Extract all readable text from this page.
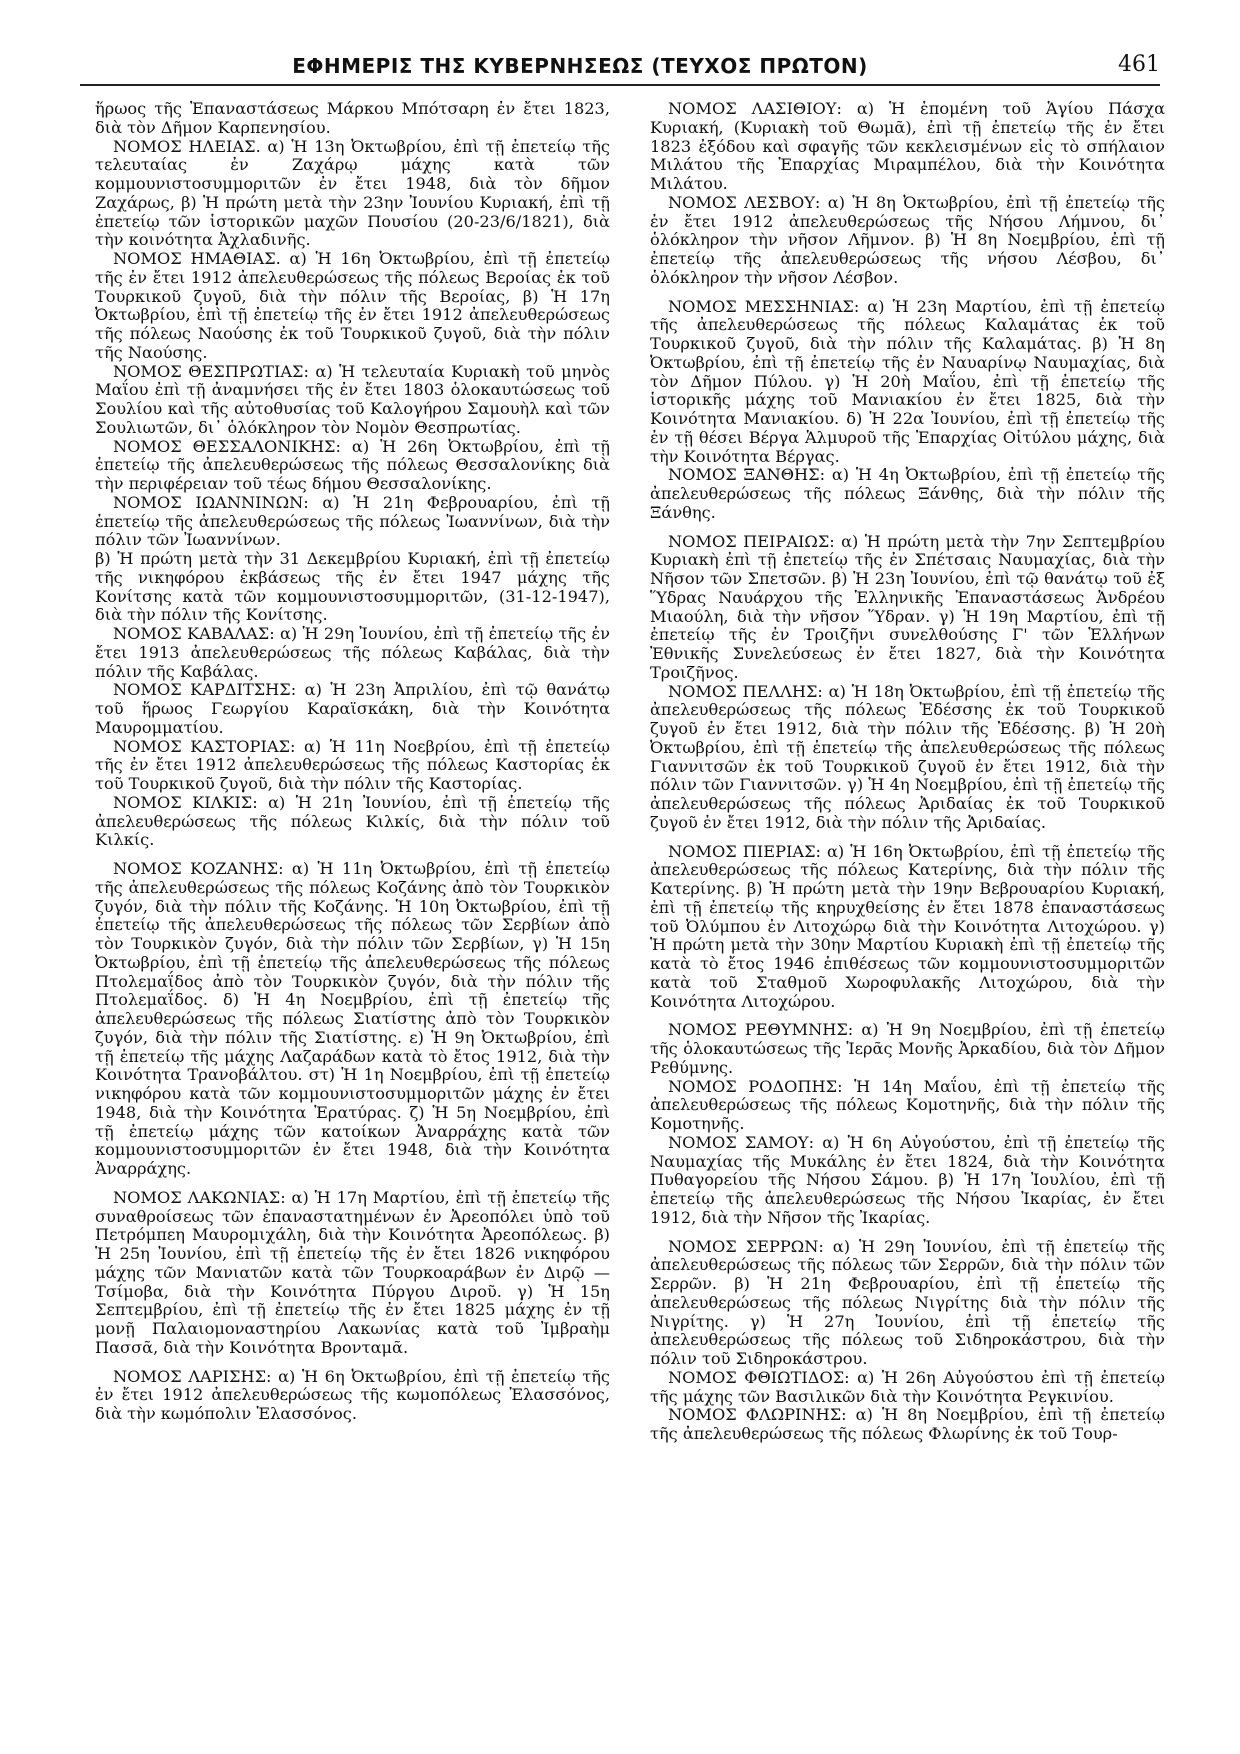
ΕΦΗΜΕΡΙΣ ΤΗΣ ΚΥΒΕΡΝΗΣΕΩΣ (ΤΕΥΧΟΣ ΠΡΩΤΟΝ)	461

ἥρωος τῆς Ἐπαναστάσεως Μάρκου Μπότσαρη ἐν ἔτει 1823, διὰ τὸν Δῆμον Καρπενησίου.

ΝΟΜΟΣ ΗΛΕΙΑΣ. α) Ἡ 13η Ὀκτωβρίου, ἐπὶ τῇ ἐπετείῳ τῆς τελευταίας ἐν Ζαχάρῳ μάχης κατὰ τῶν κομμουνιστοσυμμοριτῶν ἐν ἔτει 1948, διὰ τὸν δῆμον Ζαχάρως, β) Ἡ πρώτη μετὰ τὴν 23ην Ἰουνίου Κυριακή, ἐπὶ τῇ ἐπετείῳ τῶν ἱστορικῶν μαχῶν Πουσίου (20-23/6/1821), διὰ τὴν κοινότητα Ἀχλαδινῆς.

ΝΟΜΟΣ ΗΜΑΘΙΑΣ. α) Ἡ 16η Ὀκτωβρίου, ἐπὶ τῇ ἐπετείῳ τῆς ἐν ἔτει 1912 ἀπελευθερώσεως τῆς πόλεως Βεροίας ἐκ τοῦ Τουρκικοῦ ζυγοῦ, διὰ τὴν πόλιν τῆς Βεροίας, β) Ἡ 17η Ὀκτωβρίου, ἐπὶ τῇ ἐπετείῳ τῆς ἐν ἔτει 1912 ἀπελευθερώσεως τῆς πόλεως Ναούσης ἐκ τοῦ Τουρκικοῦ ζυγοῦ, διὰ τὴν πόλιν τῆς Ναούσης.

ΝΟΜΟΣ ΘΕΣΠΡΩΤΙΑΣ: α) Ἡ τελευταία Κυριακὴ τοῦ μηνὸς Μαΐου ἐπὶ τῇ ἀναμνήσει τῆς ἐν ἔτει 1803 ὁλοκαυτώσεως τοῦ Σουλίου καὶ τῆς αὐτοθυσίας τοῦ Καλογήρου Σαμουὴλ καὶ τῶν Σουλιωτῶν, δι᾽ ὁλόκληρον τὸν Νομὸν Θεσπρωτίας.

ΝΟΜΟΣ ΘΕΣΣΑΛΟΝΙΚΗΣ: α) Ἡ 26η Ὀκτωβρίου, ἐπὶ τῇ ἐπετείῳ τῆς ἀπελευθερώσεως τῆς πόλεως Θεσσαλονίκης διὰ τὴν περιφέρειαν τοῦ τέως δήμου Θεσσαλονίκης.

ΝΟΜΟΣ ΙΩΑΝΝΙΝΩΝ: α) Ἡ 21η Φεβρουαρίου, ἐπὶ τῇ ἐπετείῳ τῆς ἀπελευθερώσεως τῆς πόλεως Ἰωαννίνων, διὰ τὴν πόλιν τῶν Ἰωαννίνων.

β) Ἡ πρώτη μετὰ τὴν 31 Δεκεμβρίου Κυριακή, ἐπὶ τῇ ἐπετείῳ τῆς νικηφόρου ἐκβάσεως τῆς ἐν ἔτει 1947 μάχης τῆς Κονίτσης κατὰ τῶν κομμουνιστοσυμμοριτῶν, (31-12-1947), διὰ τὴν πόλιν τῆς Κονίτσης.

ΝΟΜΟΣ ΚΑΒΑΛΑΣ: α) Ἡ 29η Ἰουνίου, ἐπὶ τῇ ἐπετείῳ τῆς ἐν ἔτει 1913 ἀπελευθερώσεως τῆς πόλεως Καβάλας, διὰ τὴν πόλιν τῆς Καβάλας.

ΝΟΜΟΣ ΚΑΡΔΙΤΣΗΣ: α) Ἡ 23η Ἀπριλίου, ἐπὶ τῷ θανάτῳ τοῦ ἥρωος Γεωργίου Καραϊσκάκη, διὰ τὴν Κοινότητα Μαυρομματίου.

ΝΟΜΟΣ ΚΑΣΤΟΡΙΑΣ: α) Ἡ 11η Νοεβρίου, ἐπὶ τῇ ἐπετείῳ τῆς ἐν ἔτει 1912 ἀπελευθερώσεως τῆς πόλεως Καστορίας ἐκ τοῦ Τουρκικοῦ ζυγοῦ, διὰ τὴν πόλιν τῆς Καστορίας.

ΝΟΜΟΣ ΚΙΛΚΙΣ: α) Ἡ 21η Ἰουνίου, ἐπὶ τῇ ἐπετείῳ τῆς ἀπελευθερώσεως τῆς πόλεως Κιλκίς, διὰ τὴν πόλιν τοῦ Κιλκίς.

ΝΟΜΟΣ ΚΟΖΑΝΗΣ: α) Ἡ 11η Ὀκτωβρίου, ἐπὶ τῇ ἐπετείῳ τῆς ἀπελευθερώσεως τῆς πόλεως Κοζάνης ἀπὸ τὸν Τουρκικὸν ζυγόν, διὰ τὴν πόλιν τῆς Κοζάνης. Ἡ 10η Ὀκτωβρίου, ἐπὶ τῇ ἐπετείῳ τῆς ἀπελευθερώσεως τῆς πόλεως τῶν Σερβίων ἀπὸ τὸν Τουρκικὸν ζυγόν, διὰ τὴν πόλιν τῶν Σερβίων, γ) Ἡ 15η Ὀκτωβρίου, ἐπὶ τῇ ἐπετείῳ τῆς ἀπελευθερώσεως τῆς πόλεως Πτολεμαΐδος ἀπὸ τὸν Τουρκικὸν ζυγόν, διὰ τὴν πόλιν τῆς Πτολεμαΐδος. δ) Ἡ 4η Νοεμβρίου, ἐπὶ τῇ ἐπετείῳ τῆς ἀπελευθερώσεως τῆς πόλεως Σιατίστης ἀπὸ τὸν Τουρκικὸν ζυγόν, διὰ τὴν πόλιν τῆς Σιατίστης. ε) Ἡ 9η Ὀκτωβρίου, ἐπὶ τῇ ἐπετείῳ τῆς μάχης Λαζαράδων κατὰ τὸ ἔτος 1912, διὰ τὴν Κοινότητα Τρανοβάλτου. στ) Ἡ 1η Νοεμβρίου, ἐπὶ τῇ ἐπετείῳ νικηφόρου κατὰ τῶν κομμουνιστοσυμμοριτῶν μάχης ἐν ἔτει 1948, διὰ τὴν Κοινότητα Ἐρατύρας. ζ) Ἡ 5η Νοεμβρίου, ἐπὶ τῇ ἐπετείῳ μάχης τῶν κατοίκων Ἀναρράχης κατὰ τῶν κομμουνιστοσυμμοριτῶν ἐν ἔτει 1948, διὰ τὴν Κοινότητα Ἀναρράχης.

ΝΟΜΟΣ ΛΑΚΩΝΙΑΣ: α) Ἡ 17η Μαρτίου, ἐπὶ τῇ ἐπετείῳ τῆς συναθροίσεως τῶν ἐπαναστατημένων ἐν Ἀρεοπόλει ὑπὸ τοῦ Πετρόμπεη Μαυρομιχάλη, διὰ τὴν Κοινότητα Ἀρεοπόλεως. β) Ἡ 25η Ἰουνίου, ἐπὶ τῇ ἐπετείῳ τῆς ἐν ἔτει 1826 νικηφόρου μάχης τῶν Μανιατῶν κατὰ τῶν Τουρκοαράβων ἐν Διρῷ — Τσίμοβα, διὰ τὴν Κοινότητα Πύργου Διροῦ. γ) Ἡ 15η Σεπτεμβρίου, ἐπὶ τῇ ἐπετείῳ τῆς ἐν ἔτει 1825 μάχης ἐν τῇ μονῇ Παλαιομοναστηρίου Λακωνίας κατὰ τοῦ Ἰμβραὴμ Πασσᾶ, διὰ τὴν Κοινότητα Βρονταμᾶ.

ΝΟΜΟΣ ΛΑΡΙΣΗΣ: α) Ἡ 6η Ὀκτωβρίου, ἐπὶ τῇ ἐπετείῳ τῆς ἐν ἔτει 1912 ἀπελευθερώσεως τῆς κωμοπόλεως Ἐλασσόνος, διὰ τὴν κωμόπολιν Ἐλασσόνος.

ΝΟΜΟΣ ΛΑΣΙΘΙΟΥ: α) Ἡ ἑπομένη τοῦ Ἁγίου Πάσχα Κυριακή, (Κυριακὴ τοῦ Θωμᾶ), ἐπὶ τῇ ἐπετείῳ τῆς ἐν ἔτει 1823 ἐξόδου καὶ σφαγῆς τῶν κεκλεισμένων εἰς τὸ σπήλαιον Μιλάτου τῆς Ἐπαρχίας Μιραμπέλου, διὰ τὴν Κοινότητα Μιλάτου.

ΝΟΜΟΣ ΛΕΣΒΟΥ: α) Ἡ 8η Ὀκτωβρίου, ἐπὶ τῇ ἐπετείῳ τῆς ἐν ἔτει 1912 ἀπελευθερώσεως τῆς Νήσου Λήμνου, δι᾽ ὁλόκληρον τὴν νῆσον Λῆμνον. β) Ἡ 8η Νοεμβρίου, ἐπὶ τῇ ἐπετείῳ τῆς ἀπελευθερώσεως τῆς νήσου Λέσβου, δι᾽ ὁλόκληρον τὴν νῆσον Λέσβον.

ΝΟΜΟΣ ΜΕΣΣΗΝΙΑΣ: α) Ἡ 23η Μαρτίου, ἐπὶ τῇ ἐπετείῳ τῆς ἀπελευθερώσεως τῆς πόλεως Καλαμάτας ἐκ τοῦ Τουρκικοῦ ζυγοῦ, διὰ τὴν πόλιν τῆς Καλαμάτας. β) Ἡ 8η Ὀκτωβρίου, ἐπὶ τῇ ἐπετείῳ τῆς ἐν Ναυαρίνῳ Ναυμαχίας, διὰ τὸν Δῆμον Πύλου. γ) Ἡ 20ὴ Μαΐου, ἐπὶ τῇ ἐπετείῳ τῆς ἱστορικῆς μάχης τοῦ Μανιακίου ἐν ἔτει 1825, διὰ τὴν Κοινότητα Μανιακίου. δ) Ἡ 22α Ἰουνίου, ἐπὶ τῇ ἐπετείῳ τῆς ἐν τῇ θέσει Βέργα Ἁλμυροῦ τῆς Ἐπαρχίας Οἰτύλου μάχης, διὰ τὴν Κοινότητα Βέργας.

ΝΟΜΟΣ ΞΑΝΘΗΣ: α) Ἡ 4η Ὀκτωβρίου, ἐπὶ τῇ ἐπετείῳ τῆς ἀπελευθερώσεως τῆς πόλεως Ξάνθης, διὰ τὴν πόλιν τῆς Ξάνθης.

ΝΟΜΟΣ ΠΕΙΡΑΙΩΣ: α) Ἡ πρώτη μετὰ τὴν 7ην Σεπτεμβρίου Κυριακὴ ἐπὶ τῇ ἐπετείῳ τῆς ἐν Σπέτσαις Ναυμαχίας, διὰ τὴν Νῆσον τῶν Σπετσῶν. β) Ἡ 23η Ἰουνίου, ἐπὶ τῷ θανάτῳ τοῦ ἐξ Ὕδρας Ναυάρχου τῆς Ἑλληνικῆς Ἐπαναστάσεως Ἀνδρέου Μιαούλη, διὰ τὴν νῆσον Ὕδραν. γ) Ἡ 19η Μαρτίου, ἐπὶ τῇ ἐπετείῳ τῆς ἐν Τροιζῆνι συνελθούσης Γ' τῶν Ἑλλήνων Ἐθνικῆς Συνελεύσεως ἐν ἔτει 1827, διὰ τὴν Κοινότητα Τροιζῆνος.

ΝΟΜΟΣ ΠΕΛΛΗΣ: α) Ἡ 18η Ὀκτωβρίου, ἐπὶ τῇ ἐπετείῳ τῆς ἀπελευθερώσεως τῆς πόλεως Ἐδέσσης ἐκ τοῦ Τουρκικοῦ ζυγοῦ ἐν ἔτει 1912, διὰ τὴν πόλιν τῆς Ἐδέσσης. β) Ἡ 20ὴ Ὀκτωβρίου, ἐπὶ τῇ ἐπετείῳ τῆς ἀπελευθερώσεως τῆς πόλεως Γιαννιτσῶν ἐκ τοῦ Τουρκικοῦ ζυγοῦ ἐν ἔτει 1912, διὰ τὴν πόλιν τῶν Γιαννιτσῶν. γ) Ἡ 4η Νοεμβρίου, ἐπὶ τῇ ἐπετείῳ τῆς ἀπελευθερώσεως τῆς πόλεως Ἀριδαίας ἐκ τοῦ Τουρκικοῦ ζυγοῦ ἐν ἔτει 1912, διὰ τὴν πόλιν τῆς Ἀριδαίας.

ΝΟΜΟΣ ΠΙΕΡΙΑΣ: α) Ἡ 16η Ὀκτωβρίου, ἐπὶ τῇ ἐπετείῳ τῆς ἀπελευθερώσεως τῆς πόλεως Κατερίνης, διὰ τὴν πόλιν τῆς Κατερίνης. β) Ἡ πρώτη μετὰ τὴν 19ην Βεβρουαρίου Κυριακή, ἐπὶ τῇ ἐπετείῳ τῆς κηρυχθείσης ἐν ἔτει 1878 ἐπαναστάσεως τοῦ Ὀλύμπου ἐν Λιτοχώρῳ διὰ τὴν Κοινότητα Λιτοχώρου. γ) Ἡ πρώτη μετὰ τὴν 30ην Μαρτίου Κυριακὴ ἐπὶ τῇ ἐπετείῳ τῆς κατὰ τὸ ἔτος 1946 ἐπιθέσεως τῶν κομμουνιστοσυμμοριτῶν κατὰ τοῦ Σταθμοῦ Χωροφυλακῆς Λιτοχώρου, διὰ τὴν Κοινότητα Λιτοχώρου.

ΝΟΜΟΣ ΡΕΘΥΜΝΗΣ: α) Ἡ 9η Νοεμβρίου, ἐπὶ τῇ ἐπετείῳ τῆς ὁλοκαυτώσεως τῆς Ἱερᾶς Μονῆς Ἀρκαδίου, διὰ τὸν Δῆμον Ρεθύμνης.

ΝΟΜΟΣ ΡΟΔΟΠΗΣ: Ἡ 14η Μαΐου, ἐπὶ τῇ ἐπετείῳ τῆς ἀπελευθερώσεως τῆς πόλεως Κομοτηνῆς, διὰ τὴν πόλιν τῆς Κομοτηνῆς.

ΝΟΜΟΣ ΣΑΜΟΥ: α) Ἡ 6η Αὐγούστου, ἐπὶ τῇ ἐπετείῳ τῆς Ναυμαχίας τῆς Μυκάλης ἐν ἔτει 1824, διὰ τὴν Κοινότητα Πυθαγορείου τῆς Νήσου Σάμου. β) Ἡ 17η Ἰουλίου, ἐπὶ τῇ ἐπετείῳ τῆς ἀπελευθερώσεως τῆς Νήσου Ἰκαρίας, ἐν ἔτει 1912, διὰ τὴν Νῆσον τῆς Ἰκαρίας.

ΝΟΜΟΣ ΣΕΡΡΩΝ: α) Ἡ 29η Ἰουνίου, ἐπὶ τῇ ἐπετείῳ τῆς ἀπελευθερώσεως τῆς πόλεως τῶν Σερρῶν, διὰ τὴν πόλιν τῶν Σερρῶν. β) Ἡ 21η Φεβρουαρίου, ἐπὶ τῇ ἐπετείῳ τῆς ἀπελευθερώσεως τῆς πόλεως Νιγρίτης διὰ τὴν πόλιν τῆς Νιγρίτης. γ) Ἡ 27η Ἰουνίου, ἐπὶ τῇ ἐπετείῳ τῆς ἀπελευθερώσεως τῆς πόλεως τοῦ Σιδηροκάστρου, διὰ τὴν πόλιν τοῦ Σιδηροκάστρου.

ΝΟΜΟΣ ΦΘΙΩΤΙΔΟΣ: α) Ἡ 26η Αὐγούστου ἐπὶ τῇ ἐπετείῳ τῆς μάχης τῶν Βασιλικῶν διὰ τὴν Κοινότητα Ρεγκινίου.

ΝΟΜΟΣ ΦΛΩΡΙΝΗΣ: α) Ἡ 8η Νοεμβρίου, ἐπὶ τῇ ἐπετείῳ τῆς ἀπελευθερώσεως τῆς πόλεως Φλωρίνης ἐκ τοῦ Τουρ-
